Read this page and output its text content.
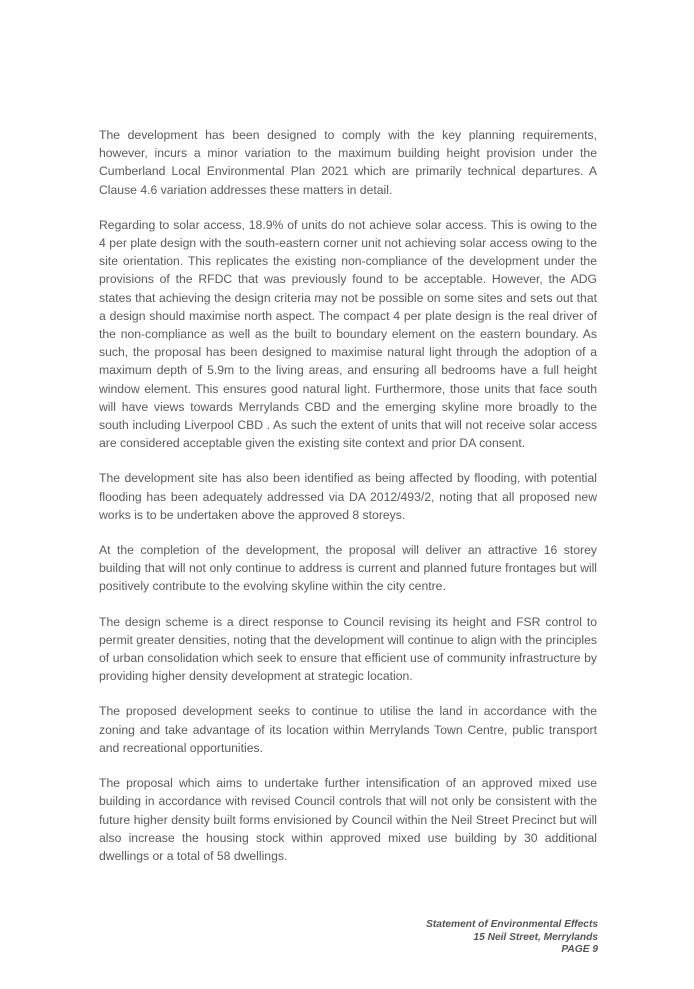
The development has been designed to comply with the key planning requirements, however, incurs a minor variation to the maximum building height provision under the Cumberland Local Environmental Plan 2021 which are primarily technical departures. A Clause 4.6 variation addresses these matters in detail.

Regarding to solar access, 18.9% of units do not achieve solar access. This is owing to the 4 per plate design with the south-eastern corner unit not achieving solar access owing to the site orientation. This replicates the existing non-compliance of the development under the provisions of the RFDC that was previously found to be acceptable. However, the ADG states that achieving the design criteria may not be possible on some sites and sets out that a design should maximise north aspect. The compact 4 per plate design is the real driver of the non-compliance as well as the built to boundary element on the eastern boundary. As such, the proposal has been designed to maximise natural light through the adoption of a maximum depth of 5.9m to the living areas, and ensuring all bedrooms have a full height window element. This ensures good natural light. Furthermore, those units that face south will have views towards Merrylands CBD and the emerging skyline more broadly to the south including Liverpool CBD . As such the extent of units that will not receive solar access are considered acceptable given the existing site context and prior DA consent.

The development site has also been identified as being affected by flooding, with potential flooding has been adequately addressed via DA 2012/493/2, noting that all proposed new works is to be undertaken above the approved 8 storeys.

At the completion of the development, the proposal will deliver an attractive 16 storey building that will not only continue to address is current and planned future frontages but will positively contribute to the evolving skyline within the city centre.

The design scheme is a direct response to Council revising its height and FSR control to permit greater densities, noting that the development will continue to align with the principles of urban consolidation which seek to ensure that efficient use of community infrastructure by providing higher density development at strategic location.

The proposed development seeks to continue to utilise the land in accordance with the zoning and take advantage of its location within Merrylands Town Centre, public transport and recreational opportunities.

The proposal which aims to undertake further intensification of an approved mixed use building in accordance with revised Council controls that will not only be consistent with the future higher density built forms envisioned by Council within the Neil Street Precinct but will also increase the housing stock within approved mixed use building by 30 additional dwellings or a total of 58 dwellings.

Statement of Environmental Effects
15 Neil Street, Merrylands
PAGE 9
